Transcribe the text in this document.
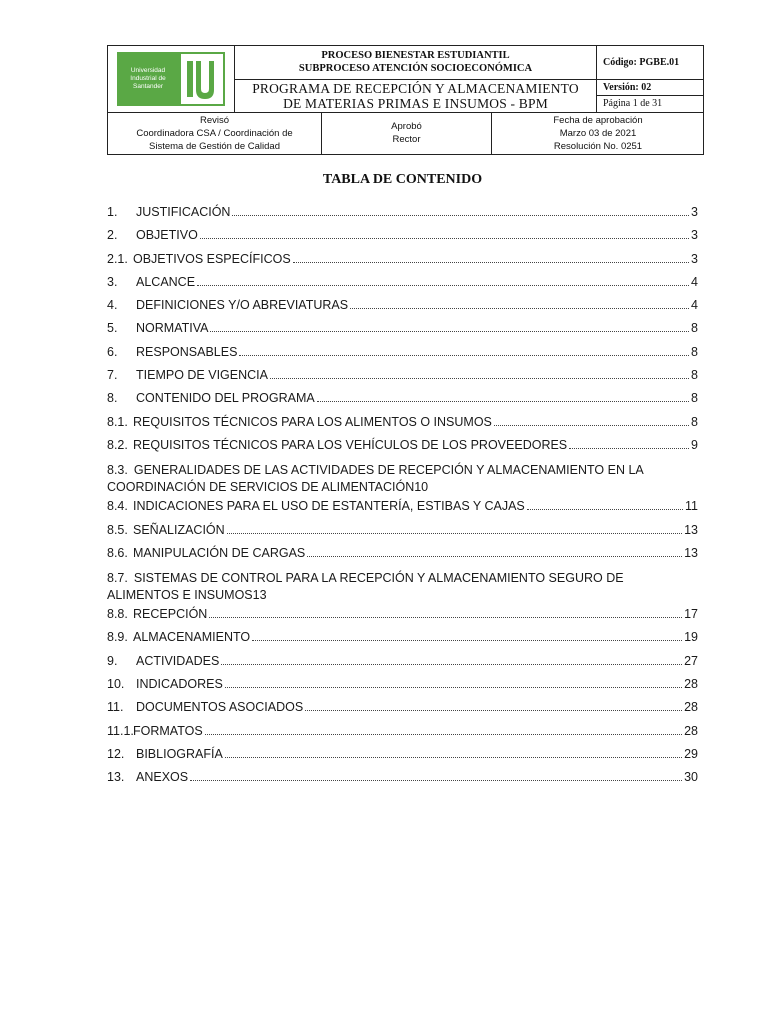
Universidad Industrial de Santander
PROCESO BIENESTAR ESTUDIANTIL
SUBPROCESO ATENCIÓN SOCIOECONÓMICA
PROGRAMA DE RECEPCIÓN Y ALMACENAMIENTO
DE MATERIAS PRIMAS E INSUMOS - BPM
Código: PGBE.01
Versión: 02
Página 1 de 31
Revisó
Coordinadora CSA / Coordinación de
Sistema de Gestión de Calidad
Aprobó
Rector
Fecha de aprobación
Marzo 03 de 2021
Resolución No. 0251
TABLA DE CONTENIDO
1.	JUSTIFICACIÓN	3
2.	OBJETIVO	3
2.1. OBJETIVOS ESPECÍFICOS	3
3.	ALCANCE	4
4.	DEFINICIONES Y/O ABREVIATURAS	4
5.	NORMATIVA	8
6.	RESPONSABLES	8
7.	TIEMPO DE VIGENCIA	8
8.	CONTENIDO DEL PROGRAMA	8
8.1. REQUISITOS TÉCNICOS PARA LOS ALIMENTOS O INSUMOS	8
8.2. REQUISITOS TÉCNICOS PARA LOS VEHÍCULOS DE LOS PROVEEDORES	9
8.3. GENERALIDADES DE LAS ACTIVIDADES DE RECEPCIÓN Y ALMACENAMIENTO EN LA
COORDINACIÓN DE SERVICIOS DE ALIMENTACIÓN 10
8.4. INDICACIONES PARA EL USO DE ESTANTERÍA, ESTIBAS Y CAJAS	11
8.5. SEÑALIZACIÓN	13
8.6. MANIPULACIÓN DE CARGAS	13
8.7. SISTEMAS DE CONTROL PARA LA RECEPCIÓN Y ALMACENAMIENTO SEGURO DE
ALIMENTOS E INSUMOS 13
8.8. RECEPCIÓN	17
8.9. ALMACENAMIENTO	19
9.	ACTIVIDADES	27
10. INDICADORES	28
11.	DOCUMENTOS ASOCIADOS	28
11.1. FORMATOS	28
12. BIBLIOGRAFÍA	29
13. ANEXOS	30
